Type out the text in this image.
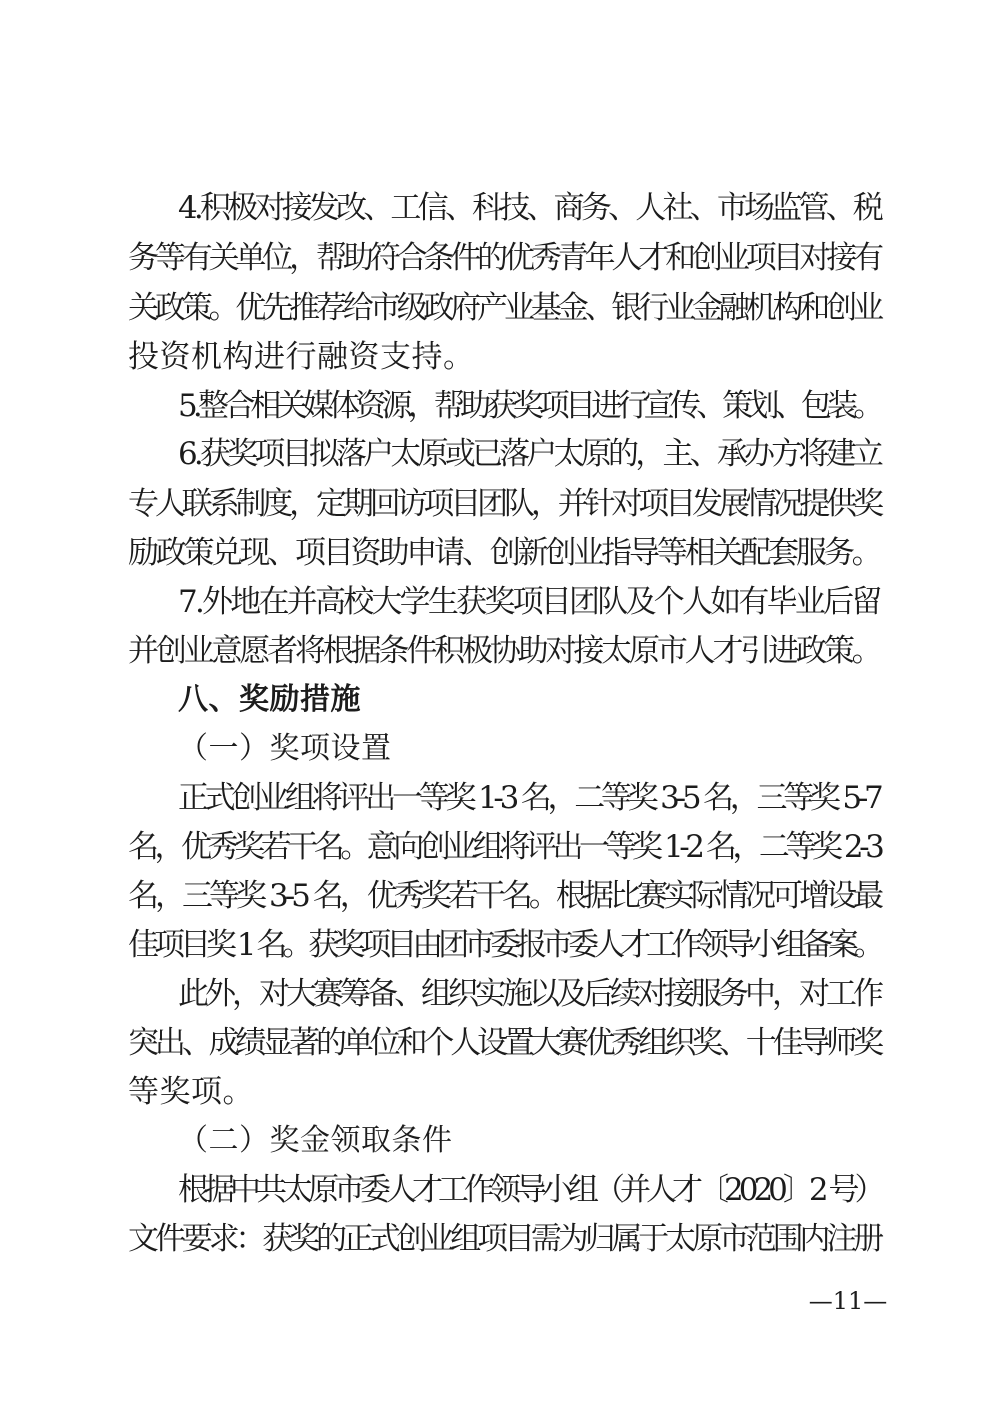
4.积极对接发改、工信、科技、商务、人社、市场监管、税
务等有关单位，帮助符合条件的优秀青年人才和创业项目对接有
关政策。优先推荐给市级政府产业基金、银行业金融机构和创业
投资机构进行融资支持。
5.整合相关媒体资源，帮助获奖项目进行宣传、策划、包装。
6.获奖项目拟落户太原或已落户太原的，主、承办方将建立
专人联系制度，定期回访项目团队，并针对项目发展情况提供奖
励政策兑现、项目资助申请、创新创业指导等相关配套服务。
7.外地在并高校大学生获奖项目团队及个人如有毕业后留
并创业意愿者将根据条件积极协助对接太原市人才引进政策。
八、奖励措施
（一）奖项设置
正式创业组将评出一等奖 1-3 名，二等奖 3-5 名，三等奖 5-7
名，优秀奖若干名。意向创业组将评出一等奖 1-2 名，二等奖 2-3
名，三等奖 3-5 名，优秀奖若干名。根据比赛实际情况可增设最
佳项目奖 1 名。获奖项目由团市委报市委人才工作领导小组备案。
此外，对大赛筹备、组织实施以及后续对接服务中，对工作
突出、成绩显著的单位和个人设置大赛优秀组织奖、十佳导师奖
等奖项。
（二）奖金领取条件
根据中共太原市委人才工作领导小组（并人才〔2020〕2 号）
文件要求：获奖的正式创业组项目需为归属于太原市范围内注册
—11—
